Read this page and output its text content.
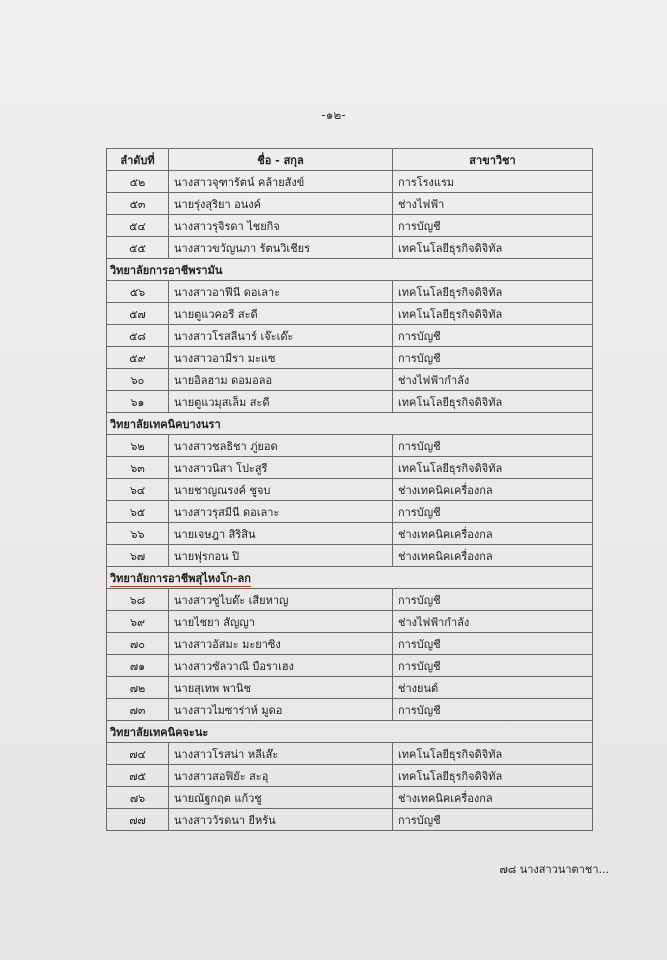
-๑๒-
ลำดับที่	ชื่อ - สกุล	สาขาวิชา
๕๒	นางสาวจุฑารัตน์ คล้ายสังข์	การโรงแรม
๕๓	นายรุ่งสุริยา อนงค์	ช่างไฟฟ้า
๕๔	นางสาวรุจิรดา ไชยกิจ	การบัญชี
๕๕	นางสาวขวัญนภา รัตนวิเชียร	เทคโนโลยีธุรกิจดิจิทัล
วิทยาลัยการอาชีพรามัน		
๕๖	นางสาวอาฟีนี ดอเลาะ	เทคโนโลยีธุรกิจดิจิทัล
๕๗	นายตูแวคอรี สะดี	เทคโนโลยีธุรกิจดิจิทัล
๕๘	นางสาวโรสลีนาร์ เจ๊ะเด๊ะ	การบัญชี
๕๙	นางสาวอามีรา มะแซ	การบัญชี
๖๐	นายอิลฮาม ดอมอลอ	ช่างไฟฟ้ากำลัง
๖๑	นายตูแวมุสเล็ม สะดี	เทคโนโลยีธุรกิจดิจิทัล
วิทยาลัยเทคนิคบางนรา		
๖๒	นางสาวชลธิชา ภู่ยอด	การบัญชี
๖๓	นางสาวนิสา โปะสูรี	เทคโนโลยีธุรกิจดิจิทัล
๖๔	นายชาญณรงค์ ชูจบ	ช่างเทคนิคเครื่องกล
๖๕	นางสาวรุสมีนี ดอเลาะ	การบัญชี
๖๖	นายเจษฎา สิริสิน	ช่างเทคนิคเครื่องกล
๖๗	นายฟุรกอน ปิ	ช่างเทคนิคเครื่องกล
วิทยาลัยการอาชีพสุไหงโก-ลก		
๖๘	นางสาวซูไบด๊ะ เสียหาญ	การบัญชี
๖๙	นายไชยา สัญญา	ช่างไฟฟ้ากำลัง
๗๐	นางสาวอัสมะ มะยาซิง	การบัญชี
๗๑	นางสาวซัลวาณี บือราเฮง	การบัญชี
๗๒	นายสุเทพ พานิช	ช่างยนต์
๗๓	นางสาวไมซาร่าห์ มูดอ	การบัญชี
วิทยาลัยเทคนิคจะนะ		
๗๔	นางสาวโรสน่า หลีเส๊ะ	เทคโนโลยีธุรกิจดิจิทัล
๗๕	นางสาวสอฟิยัะ สะอุ	เทคโนโลยีธุรกิจดิจิทัล
๗๖	นายณัฐกฤต แก้วชู	ช่างเทคนิคเครื่องกล
๗๗	นางสาววัรดนา ยีหรัน	การบัญชี
๗๘ นางสาวนาตาชา...
